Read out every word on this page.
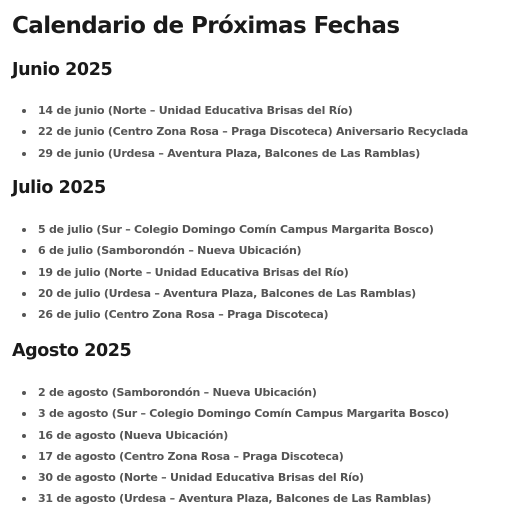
Calendario de Próximas Fechas
Junio 2025
14 de junio (Norte – Unidad Educativa Brisas del Río)
22 de junio (Centro Zona Rosa – Praga Discoteca) Aniversario Recyclada
29 de junio (Urdesa – Aventura Plaza, Balcones de Las Ramblas)
Julio 2025
5 de julio (Sur – Colegio Domingo Comín Campus Margarita Bosco)
6 de julio (Samborondón – Nueva Ubicación)
19 de julio (Norte – Unidad Educativa Brisas del Río)
20 de julio (Urdesa – Aventura Plaza, Balcones de Las Ramblas)
26 de julio (Centro Zona Rosa – Praga Discoteca)
Agosto 2025
2 de agosto (Samborondón – Nueva Ubicación)
3 de agosto (Sur – Colegio Domingo Comín Campus Margarita Bosco)
16 de agosto (Nueva Ubicación)
17 de agosto (Centro Zona Rosa – Praga Discoteca)
30 de agosto (Norte – Unidad Educativa Brisas del Río)
31 de agosto (Urdesa – Aventura Plaza, Balcones de Las Ramblas)
